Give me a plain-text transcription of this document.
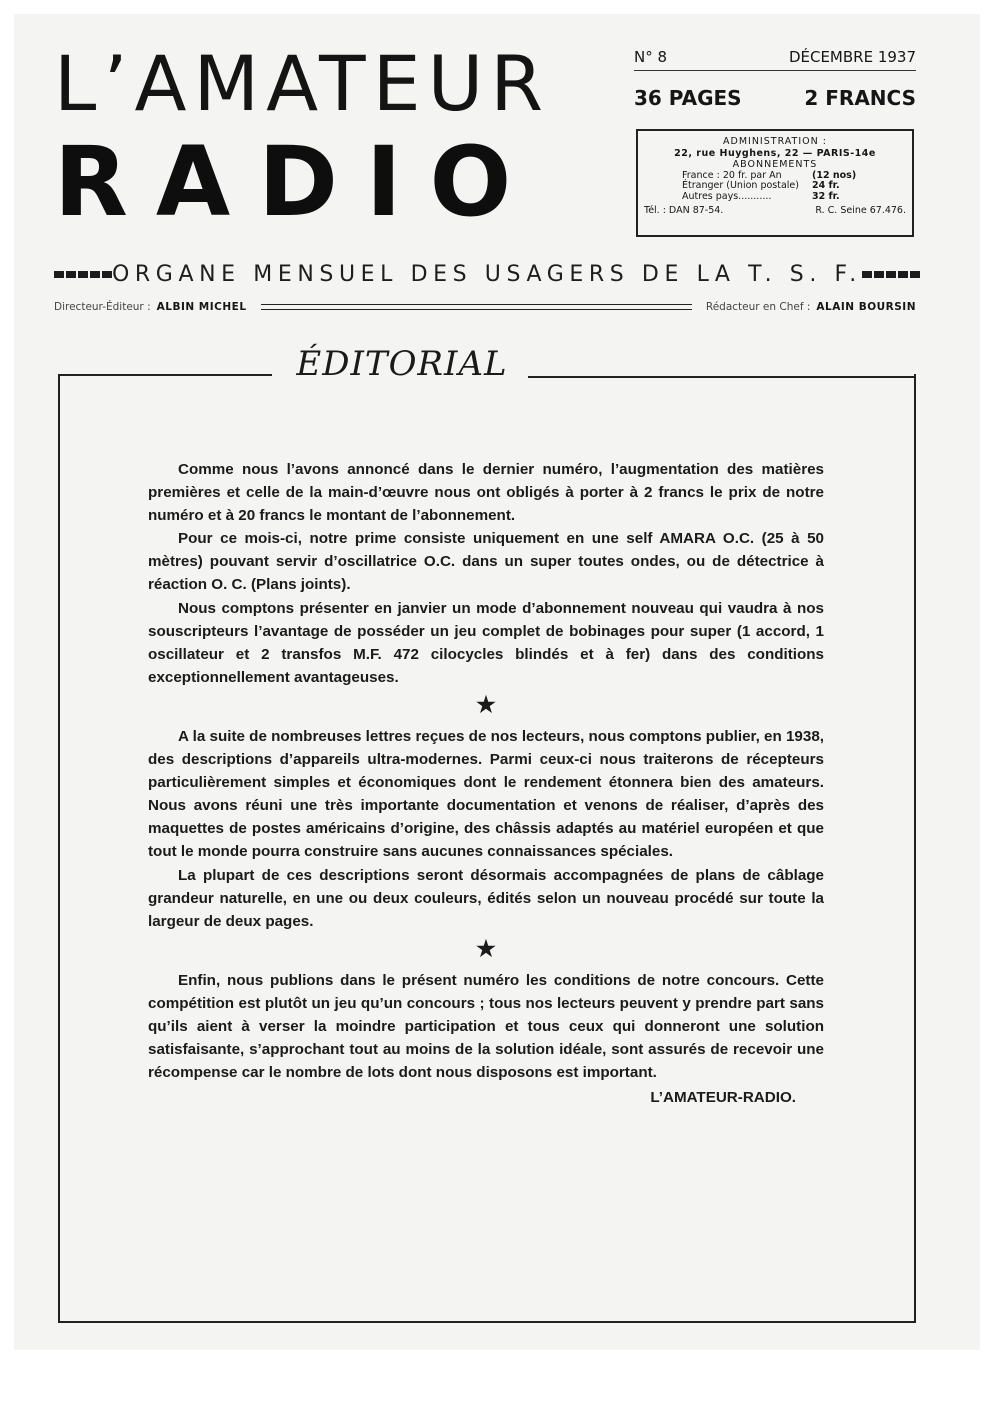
L’AMATEUR
RADIO
N° 8	DÉCEMBRE 1937
36 PAGES	2 FRANCS
ADMINISTRATION :
22, rue Huyghens, 22 — PARIS-14e
ABONNEMENTS
France : 20 fr. par An	(12 nos)
Étranger (Union postale)	24 fr.
Autres pays...........	32 fr.
Tél. : DAN 87-54.	R. C. Seine 67.476.
ORGANE MENSUEL DES USAGERS DE LA T. S. F.
Directeur-Éditeur : ALBIN MICHEL	Rédacteur en Chef : ALAIN BOURSIN
ÉDITORIAL

Comme nous l’avons annoncé dans le dernier numéro, l’augmentation des matières premières et celle de la main-d’œuvre nous ont obligés à porter à 2 francs le prix de notre numéro et à 20 francs le montant de l’abonnement.

Pour ce mois-ci, notre prime consiste uniquement en une self AMARA O.C. (25 à 50 mètres) pouvant servir d’oscillatrice O.C. dans un super toutes ondes, ou de détectrice à réaction O. C. (Plans joints).

Nous comptons présenter en janvier un mode d’abonnement nouveau qui vaudra à nos souscripteurs l’avantage de posséder un jeu complet de bobinages pour super (1 accord, 1 oscillateur et 2 transfos M.F. 472 cilocycles blindés et à fer) dans des conditions exceptionnellement avantageuses.

★

A la suite de nombreuses lettres reçues de nos lecteurs, nous comptons publier, en 1938, des descriptions d’appareils ultra-modernes. Parmi ceux-ci nous traiterons de récepteurs particulièrement simples et économiques dont le rendement étonnera bien des amateurs. Nous avons réuni une très importante documentation et venons de réaliser, d’après des maquettes de postes américains d’origine, des châssis adaptés au matériel européen et que tout le monde pourra construire sans aucunes connaissances spéciales.

La plupart de ces descriptions seront désormais accompagnées de plans de câblage grandeur naturelle, en une ou deux couleurs, édités selon un nouveau procédé sur toute la largeur de deux pages.

★

Enfin, nous publions dans le présent numéro les conditions de notre concours. Cette compétition est plutôt un jeu qu’un concours ; tous nos lecteurs peuvent y prendre part sans qu’ils aient à verser la moindre participation et tous ceux qui donneront une solution satisfaisante, s’approchant tout au moins de la solution idéale, sont assurés de recevoir une récompense car le nombre de lots dont nous disposons est important.

L’AMATEUR-RADIO.
